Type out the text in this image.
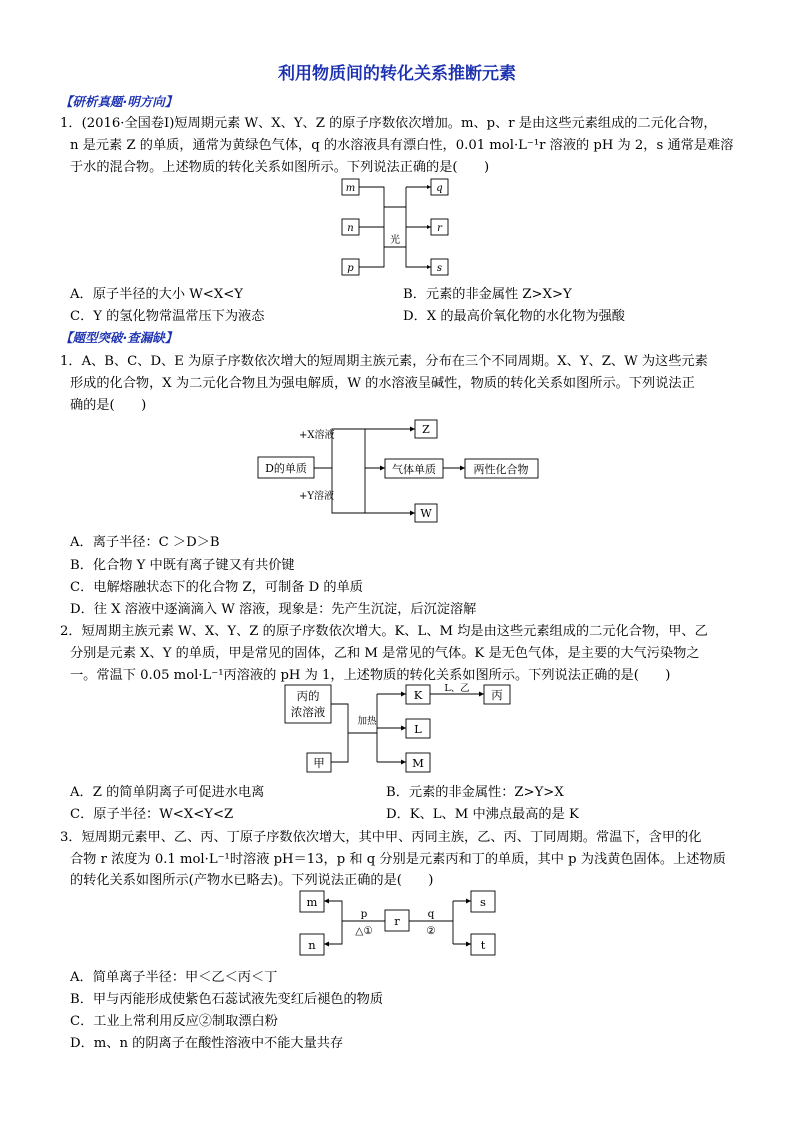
利用物质间的转化关系推断元素
【研析真题·明方向】
1．(2016·全国卷Ⅰ)短周期元素 W、X、Y、Z 的原子序数依次增加。m、p、r 是由这些元素组成的二元化合物，
n 是元素 Z 的单质，通常为黄绿色气体，q 的水溶液具有漂白性，0.01 mol·L⁻¹r 溶液的 pH 为 2，s 通常是难溶
于水的混合物。上述物质的转化关系如图所示。下列说法正确的是(　　)
m
n
p
q
r
s
光
A．原子半径的大小 W<X<Y	B．元素的非金属性 Z>X>Y
C．Y 的氢化物常温常压下为液态	D．X 的最高价氧化物的水化物为强酸
【题型突破·查漏缺】
1．A、B、C、D、E 为原子序数依次增大的短周期主族元素，分布在三个不同周期。X、Y、Z、W 为这些元素
形成的化合物，X 为二元化合物且为强电解质，W 的水溶液呈碱性，物质的转化关系如图所示。下列说法正
确的是(　　)
D的单质
Z
气体单质
W
两性化合物
+X溶液
+Y溶液
A．离子半径：C ＞D＞B
B．化合物 Y 中既有离子键又有共价键
C．电解熔融状态下的化合物 Z，可制备 D 的单质
D．往 X 溶液中逐滴滴入 W 溶液，现象是：先产生沉淀，后沉淀溶解
2．短周期主族元素 W、X、Y、Z 的原子序数依次增大。K、L、M 均是由这些元素组成的二元化合物，甲、乙
分别是元素 X、Y 的单质，甲是常见的固体，乙和 M 是常见的气体。K 是无色气体，是主要的大气污染物之
一。常温下 0.05 mol·L⁻¹丙溶液的 pH 为 1，上述物质的转化关系如图所示。下列说法正确的是(　　)
丙的
浓溶液
甲
K
L
M
丙
加热
L、乙
A．Z 的简单阴离子可促进水电离	B．元素的非金属性：Z>Y>X
C．原子半径：W<X<Y<Z	D．K、L、M 中沸点最高的是 K
3．短周期元素甲、乙、丙、丁原子序数依次增大，其中甲、丙同主族，乙、丙、丁同周期。常温下，含甲的化
合物 r 浓度为 0.1 mol·L⁻¹时溶液 pH＝13，p 和 q 分别是元素丙和丁的单质，其中 p 为浅黄色固体。上述物质
的转化关系如图所示(产物水已略去)。下列说法正确的是(　　)
m
n
r
s
t
p
△①
q
②
A．简单离子半径：甲＜乙＜丙＜丁
B．甲与丙能形成使紫色石蕊试液先变红后褪色的物质
C．工业上常利用反应②制取漂白粉
D．m、n 的阴离子在酸性溶液中不能大量共存
